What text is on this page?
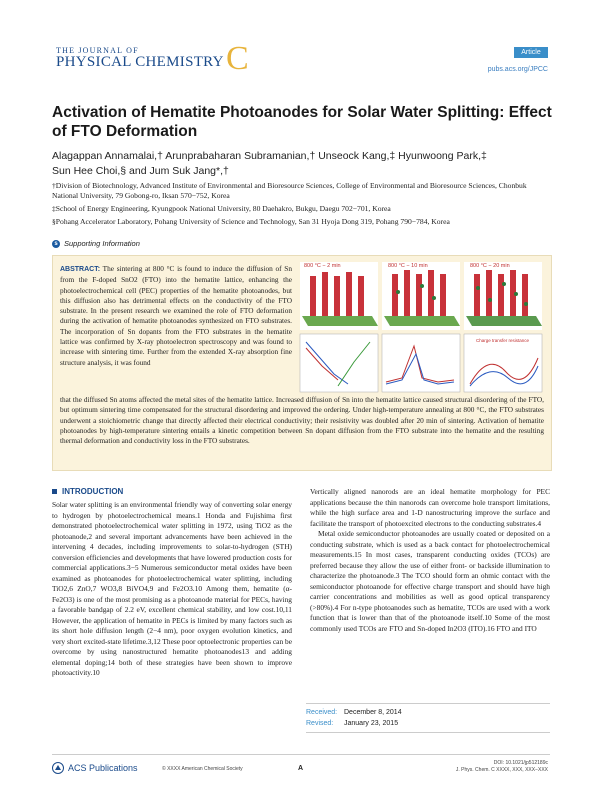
THE JOURNAL OF
PHYSICAL CHEMISTRY C	Article
pubs.acs.org/JPCC
Activation of Hematite Photoanodes for Solar Water Splitting: Effect of FTO Deformation
Alagappan Annamalai,† Arunprabaharan Subramanian,† Unseock Kang,‡ Hyunwoong Park,‡
Sun Hee Choi,§ and Jum Suk Jang*,†
†Division of Biotechnology, Advanced Institute of Environmental and Bioresource Sciences, College of Environmental and Bioresource Sciences, Chonbuk National University, 79 Gobong-ro, Iksan 570−752, Korea
‡School of Energy Engineering, Kyungpook National University, 80 Daehakro, Bukgu, Daegu 702−701, Korea
§Pohang Accelerator Laboratory, Pohang University of Science and Technology, San 31 Hyoja Dong 319, Pohang 790−784, Korea
s Supporting Information
ABSTRACT: The sintering at 800 °C is found to induce the diffusion of Sn from the F-doped SnO2 (FTO) into the hematite lattice, enhancing the photoelectrochemical cell (PEC) properties of the hematite photoanodes, but this diffusion also has detrimental effects on the conductivity of the FTO substrate. In the present research we examined the role of FTO deformation during the activation of hematite photoanodes synthesized on FTO substrates. The incorporation of Sn dopants from the FTO substrates in the hematite lattice was confirmed by X-ray photoelectron spectroscopy and was found to increase with sintering time. Further from the extended X-ray absorption fine structure analysis, it was found
that the diffused Sn atoms affected the metal sites of the hematite lattice. Increased diffusion of Sn into the hematite lattice caused structural disordering of the FTO, but optimum sintering time compensated for the structural disordering and improved the ordering. Under high-temperature annealing at 800 °C, the FTO substrates underwent a stoichiometric change that directly affected their electrical conductivity; their resistivity was doubled after 20 min of sintering. Activation of hematite photoanodes by high-temperature sintering entails a kinetic competition between Sn dopant diffusion from the FTO substrate into the hematite and the resulting thermal deformation and conductivity loss in the FTO substrates.
800 °C − 2 min	800 °C − 10 min	800 °C − 20 min
Charge transfer resistance
INTRODUCTION

Solar water splitting is an environmental friendly way of converting solar energy to hydrogen by photoelectrochemical means.1 Honda and Fujishima first demonstrated photoelectrochemical water splitting in 1972, using TiO2 as the photoanode,2 and several important advancements have been achieved in the intervening 4 decades, including improvements to solar-to-hydrogen (STH) conversion efficiencies and developments that have lowered production costs for commercial applications.3−5 Numerous semiconductor metal oxides have been examined as photoanodes for photoelectrochemical water splitting, including TiO2,6 ZnO,7 WO3,8 BiVO4,9 and Fe2O3.10 Among them, hematite (α-Fe2O3) is one of the most promising as a photoanode material for PECs, having a favorable bandgap of 2.2 eV, excellent chemical stability, and low cost.10,11 However, the application of hematite in PECs is limited by many factors such as its short hole diffusion length (2−4 nm), poor oxygen evolution kinetics, and very short excited-state lifetime.3,12 These poor optoelectronic properties can be overcome by using nanostructured hematite photoanodes13 and adding elemental doping;14 both of these strategies have been shown to improve photoactivity.10

Vertically aligned nanorods are an ideal hematite morphology for PEC applications because the thin nanorods can overcome hole transport limitations, while the high surface area and 1-D nanostructuring improve the surface and facilitate the transport of photoexcited electrons to the conducting substrates.4

Metal oxide semiconductor photoanodes are usually coated or deposited on a conducting substrate, which is used as a back contact for photoelectrochemical measurements.15 In most cases, transparent conducting oxides (TCOs) are preferred because they allow the use of either front- or backside illumination to characterize the photoanode.3 The TCO should form an ohmic contact with the semiconductor photoanode for effective charge transport and should have high carrier concentrations and mobilities as well as good optical transparency (>80%).4 For n-type photoanodes such as hematite, TCOs are used with a work function that is lower than that of the photoanode itself.10 Some of the most commonly used TCOs are FTO and Sn-doped In2O3 (ITO).16 FTO and ITO

Received: December 8, 2014
Revised: January 23, 2015
ACS Publications	© XXXX American Chemical Society	A
DOI: 10.1021/jp512189c
J. Phys. Chem. C XXXX, XXX, XXX−XXX
